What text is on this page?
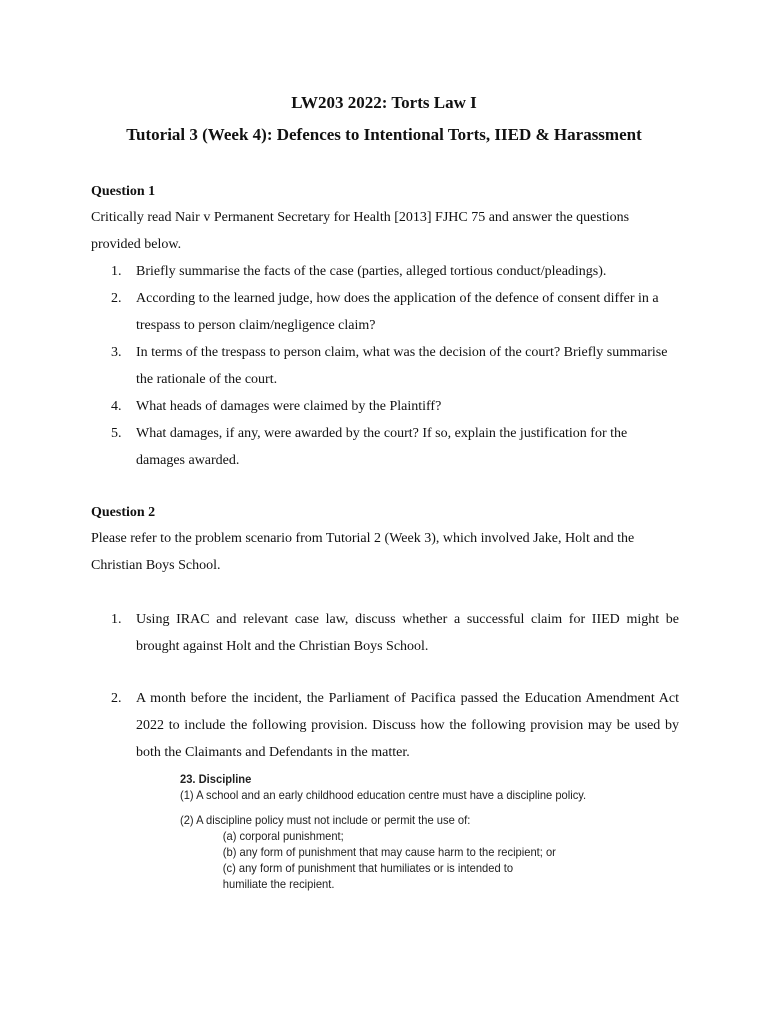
LW203 2022: Torts Law I
Tutorial 3 (Week 4): Defences to Intentional Torts, IIED & Harassment
Question 1

Critically read Nair v Permanent Secretary for Health [2013] FJHC 75 and answer the questions provided below.

1. Briefly summarise the facts of the case (parties, alleged tortious conduct/pleadings).
2. According to the learned judge, how does the application of the defence of consent differ in a trespass to person claim/negligence claim?
3. In terms of the trespass to person claim, what was the decision of the court? Briefly summarise the rationale of the court.
4. What heads of damages were claimed by the Plaintiff?
5. What damages, if any, were awarded by the court? If so, explain the justification for the damages awarded.
Question 2

Please refer to the problem scenario from Tutorial 2 (Week 3), which involved Jake, Holt and the Christian Boys School.

1. Using IRAC and relevant case law, discuss whether a successful claim for IIED might be brought against Holt and the Christian Boys School.
2. A month before the incident, the Parliament of Pacifica passed the Education Amendment Act 2022 to include the following provision. Discuss how the following provision may be used by both the Claimants and Defendants in the matter.

23. Discipline

(1) A school and an early childhood education centre must have a discipline policy.

(2) A discipline policy must not include or permit the use of:

(a) corporal punishment;

(b) any form of punishment that may cause harm to the recipient; or

(c) any form of punishment that humiliates or is intended to humiliate the recipient.
